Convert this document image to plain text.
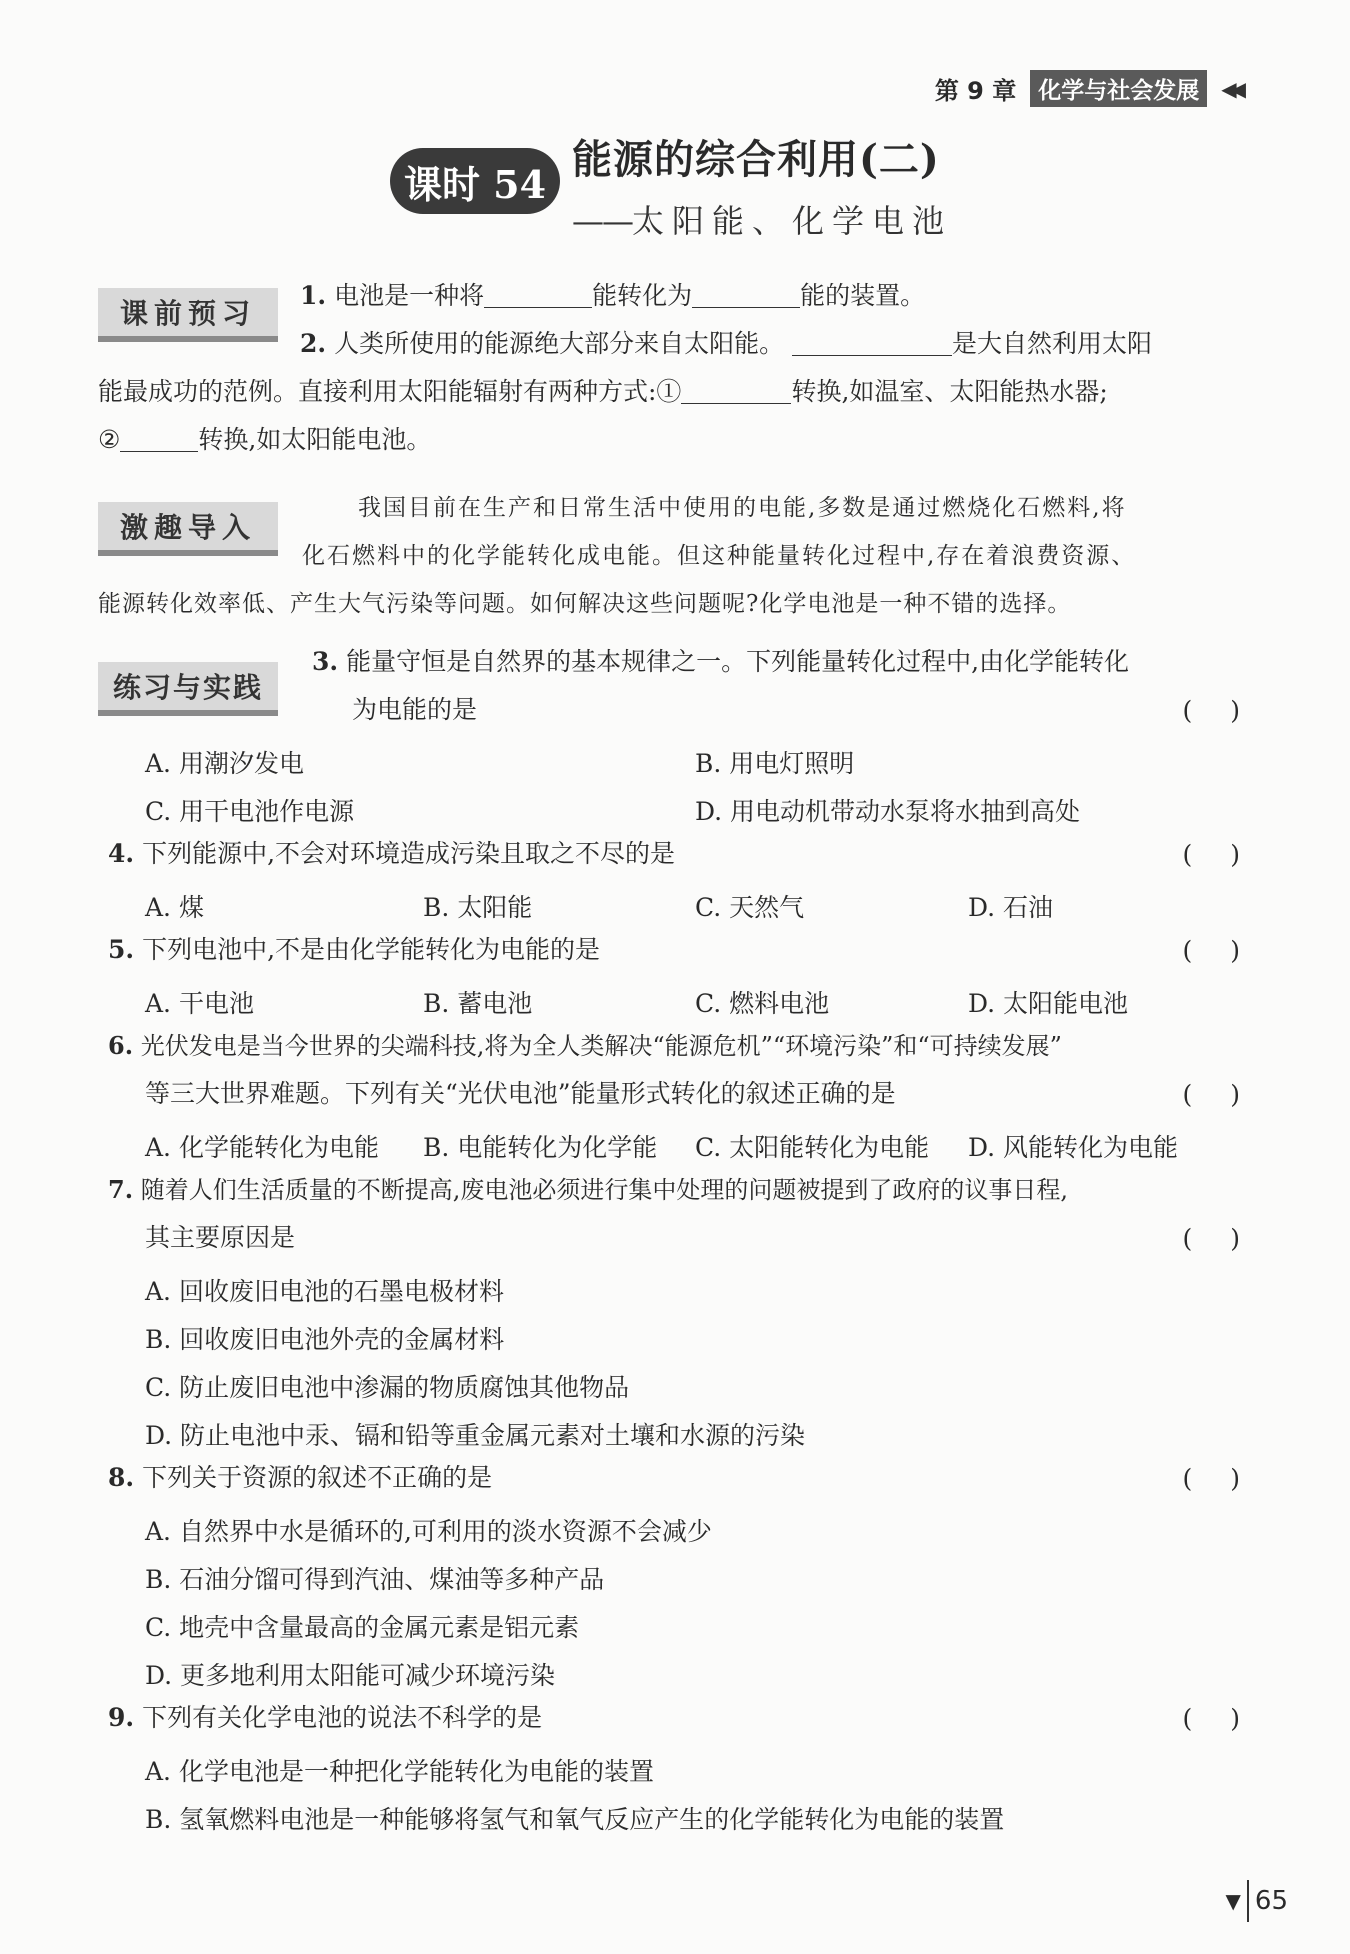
第 9 章 化学与社会发展	◀◀
课时 54
能源的综合利用(二)
——太阳能、化学电池
课前预习
1. 电池是一种将	能转化为	能的装置。
2. 人类所使用的能源绝大部分来自太阳能。	是大自然利用太阳
能最成功的范例。直接利用太阳能辐射有两种方式:①	转换,如温室、太阳能热水器;
②	转换,如太阳能电池。
激趣导入
我国目前在生产和日常生活中使用的电能,多数是通过燃烧化石燃料,将
化石燃料中的化学能转化成电能。但这种能量转化过程中,存在着浪费资源、
能源转化效率低、产生大气污染等问题。如何解决这些问题呢?化学电池是一种不错的选择。
练习与实践
3. 能量守恒是自然界的基本规律之一。下列能量转化过程中,由化学能转化
为电能的是	( )
A. 用潮汐发电	B. 用电灯照明
C. 用干电池作电源	D. 用电动机带动水泵将水抽到高处
4. 下列能源中,不会对环境造成污染且取之不尽的是	( )
A. 煤	B. 太阳能	C. 天然气	D. 石油
5. 下列电池中,不是由化学能转化为电能的是	( )
A. 干电池	B. 蓄电池	C. 燃料电池	D. 太阳能电池
6. 光伏发电是当今世界的尖端科技,将为全人类解决“能源危机”“环境污染”和“可持续发展”
等三大世界难题。下列有关“光伏电池”能量形式转化的叙述正确的是	( )
A. 化学能转化为电能 B. 电能转化为化学能 C. 太阳能转化为电能 D. 风能转化为电能
7. 随着人们生活质量的不断提高,废电池必须进行集中处理的问题被提到了政府的议事日程,
其主要原因是	( )
A. 回收废旧电池的石墨电极材料
B. 回收废旧电池外壳的金属材料
C. 防止废旧电池中渗漏的物质腐蚀其他物品
D. 防止电池中汞、镉和铅等重金属元素对土壤和水源的污染
8. 下列关于资源的叙述不正确的是	( )
A. 自然界中水是循环的,可利用的淡水资源不会减少
B. 石油分馏可得到汽油、煤油等多种产品
C. 地壳中含量最高的金属元素是铝元素
D. 更多地利用太阳能可减少环境污染
9. 下列有关化学电池的说法不科学的是	( )
A. 化学电池是一种把化学能转化为电能的装置
B. 氢氧燃料电池是一种能够将氢气和氧气反应产生的化学能转化为电能的装置
▼ 65
